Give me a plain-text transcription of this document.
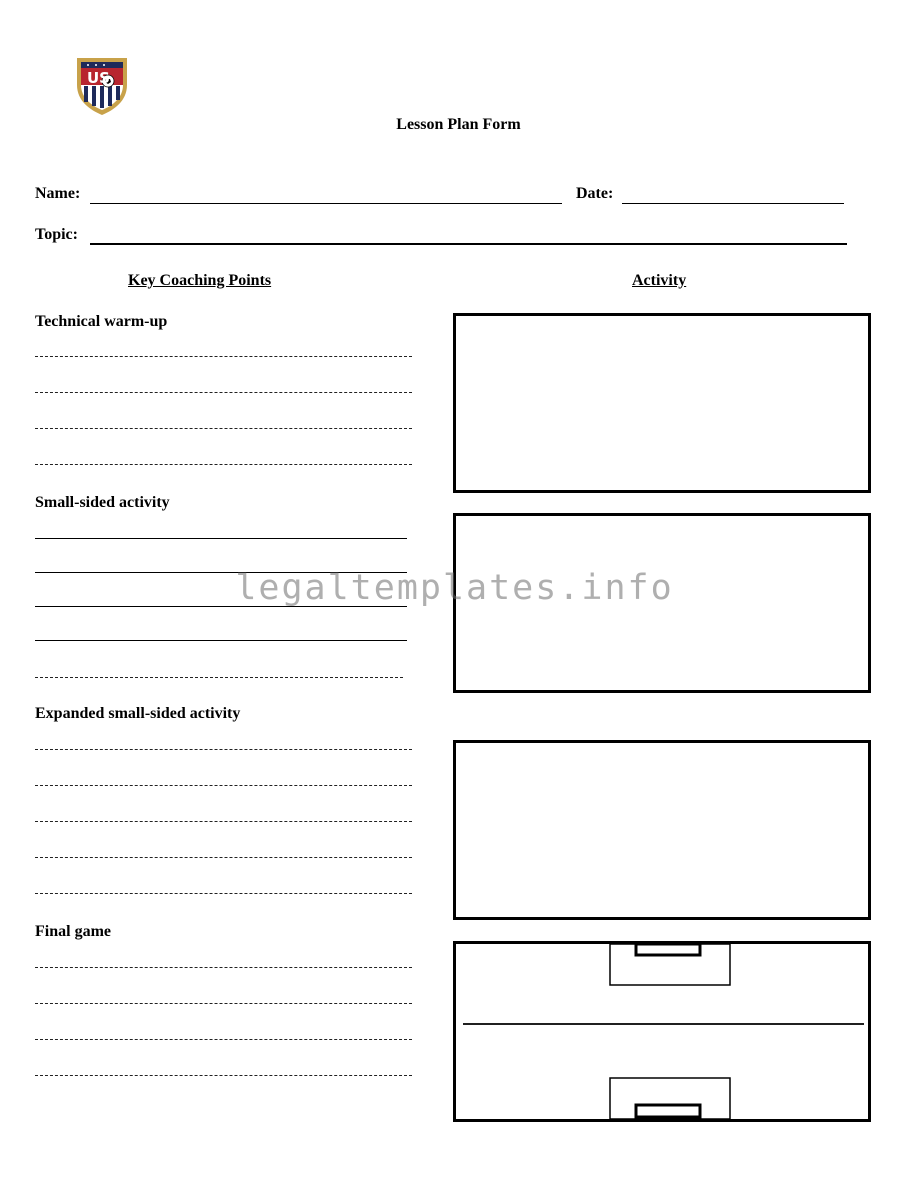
US
Lesson Plan Form
Name:	Date:
Topic:
Key Coaching Points	Activity
Technical warm-up
Small-sided activity
Expanded small-sided activity
Final game
legaltemplates.info
